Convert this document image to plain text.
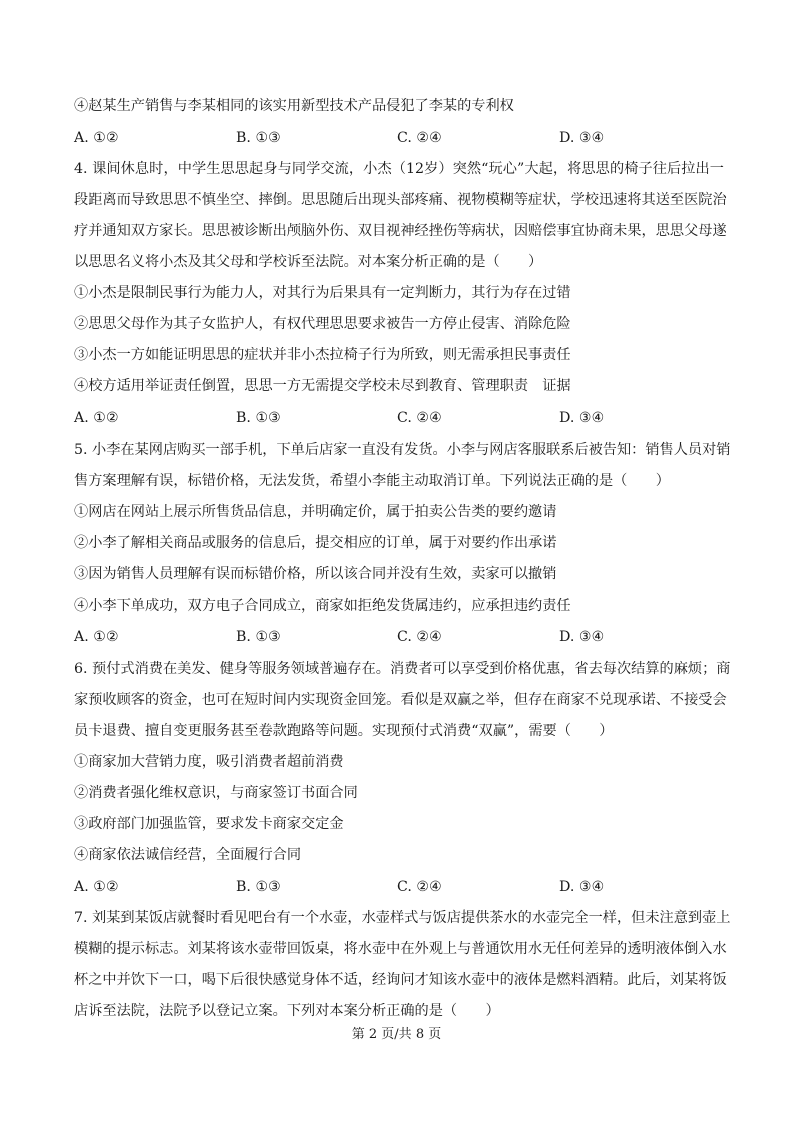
④赵某生产销售与李某相同的该实用新型技术产品侵犯了李某的专利权
A. ①②	B. ①③	C. ②④	D. ③④
4. 课间休息时，中学生思思起身与同学交流，小杰（12岁）突然“玩心”大起，将思思的椅子往后拉出一
段距离而导致思思不慎坐空、摔倒。思思随后出现头部疼痛、视物模糊等症状，学校迅速将其送至医院治
疗并通知双方家长。思思被诊断出颅脑外伤、双目视神经挫伤等病状，因赔偿事宜协商未果，思思父母遂
以思思名义将小杰及其父母和学校诉至法院。对本案分析正确的是（　　）
①小杰是限制民事行为能力人，对其行为后果具有一定判断力，其行为存在过错
②思思父母作为其子女监护人，有权代理思思要求被告一方停止侵害、消除危险
③小杰一方如能证明思思的症状并非小杰拉椅子行为所致，则无需承担民事责任
④校方适用举证责任倒置，思思一方无需提交学校未尽到教育、管理职责　证据
A. ①②	B. ①③	C. ②④	D. ③④
5. 小李在某网店购买一部手机，下单后店家一直没有发货。小李与网店客服联系后被告知：销售人员对销
售方案理解有误，标错价格，无法发货，希望小李能主动取消订单。下列说法正确的是（　　）
①网店在网站上展示所售货品信息，并明确定价，属于拍卖公告类的要约邀请
②小李了解相关商品或服务的信息后，提交相应的订单，属于对要约作出承诺
③因为销售人员理解有误而标错价格，所以该合同并没有生效，卖家可以撤销
④小李下单成功，双方电子合同成立，商家如拒绝发货属违约，应承担违约责任
A. ①②	B. ①③	C. ②④	D. ③④
6. 预付式消费在美发、健身等服务领域普遍存在。消费者可以享受到价格优惠，省去每次结算的麻烦；商
家预收顾客的资金，也可在短时间内实现资金回笼。看似是双赢之举，但存在商家不兑现承诺、不接受会
员卡退费、擅自变更服务甚至卷款跑路等问题。实现预付式消费“双赢”，需要（　　）
①商家加大营销力度，吸引消费者超前消费
②消费者强化维权意识，与商家签订书面合同
③政府部门加强监管，要求发卡商家交定金
④商家依法诚信经营，全面履行合同
A. ①②	B. ①③	C. ②④	D. ③④
7. 刘某到某饭店就餐时看见吧台有一个水壶，水壶样式与饭店提供茶水的水壶完全一样，但未注意到壶上
模糊的提示标志。刘某将该水壶带回饭桌，将水壶中在外观上与普通饮用水无任何差异的透明液体倒入水
杯之中并饮下一口，喝下后很快感觉身体不适，经询问才知该水壶中的液体是燃料酒精。此后，刘某将饭
店诉至法院，法院予以登记立案。下列对本案分析正确的是（　　）
第 2 页/共 8 页
